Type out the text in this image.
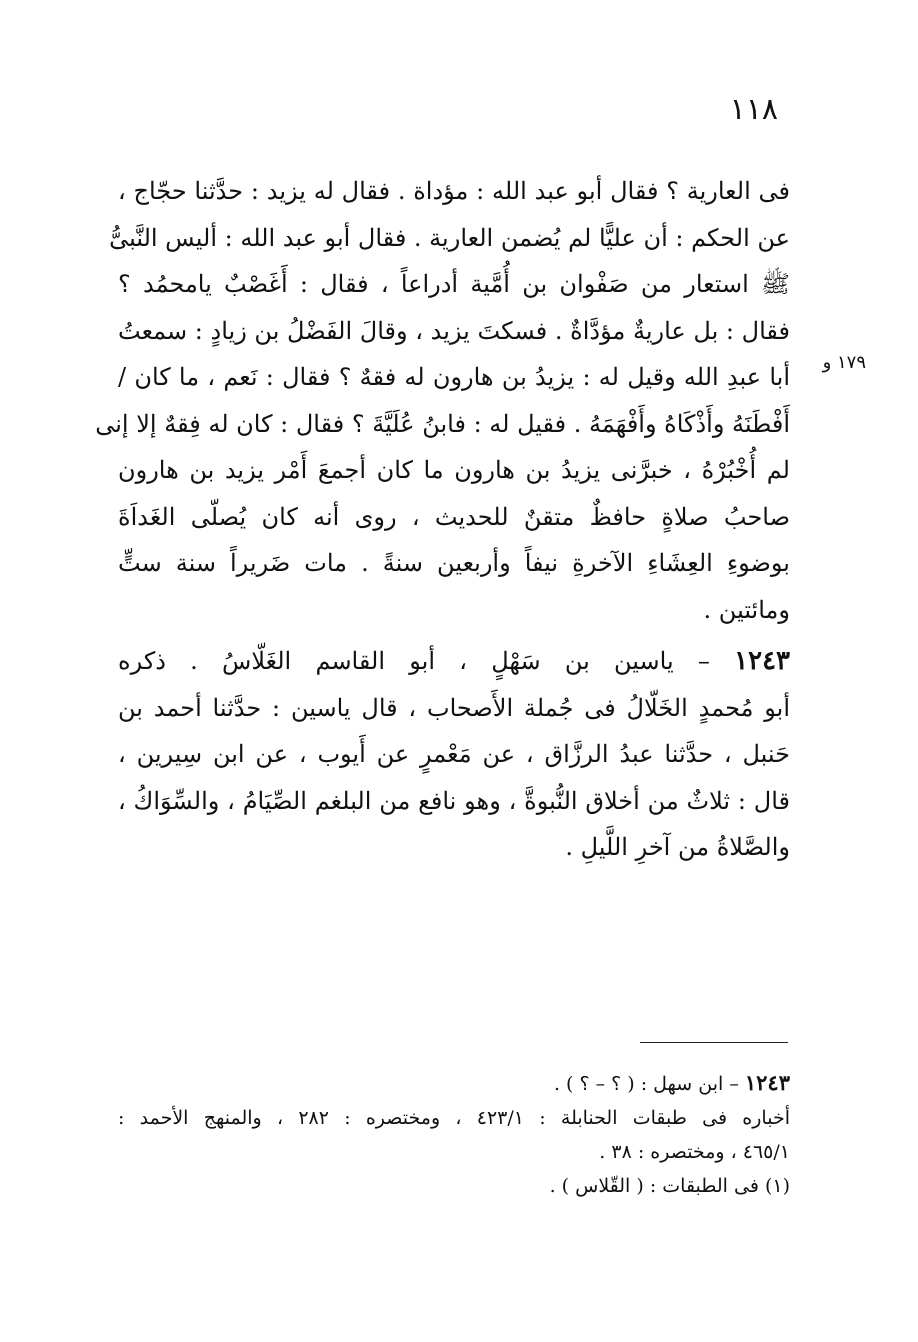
١١٨
١٧٩ و
فى العارية ؟ فقال أبو عبد الله : مؤداة . فقال له يزيد : حدَّثنا حجّاج ،
عن الحكم : أن عليًّا لم يُضمن العارية . فقال أبو عبد الله : أليس النَّبىُّ
ﷺ استعار من صَفْوان بن أُمَّية أدراعاً ، فقال : أَغَصْبٌ يامحمُد ؟
فقال : بل عاريةٌ مؤدَّاةٌ . فسكتَ يزيد ، وقالَ الفَضْلُ بن زيادٍ : سمعتُ
أبا عبدِ الله وقيل له : يزيدُ بن هارون له فقهٌ ؟ فقال : نَعم ، ما كان /
أَفْطَنَهُ وأَذْكَاهُ وأَفْهَمَهُ . فقيل له : فابنُ عُلَيَّةَ ؟ فقال : كان له فِقهٌ إلا إنى
لم أُخْبُرْهُ ، خبرَّنى يزيدُ بن هارون ما كان أجمعَ أَمْر يزيد بن هارون
صاحبُ صلاةٍ حافظٌ متقنٌ للحديث ، روى أنه كان يُصلّى الغَداَةَ
بوضوءِ العِشَاءِ الآخرةِ نيفاً وأربعين سنةً . مات ضَريراً سنة ستٍّ
ومائتين .
١٢٤٣ – ياسين بن سَهْلٍ ، أبو القاسم الغَلّاسُ . ذكره
أبو مُحمدٍ الخَلّالُ فى جُملة الأَصحاب ، قال ياسين : حدَّثنا أحمد بن
حَنبل ، حدَّثنا عبدُ الرزَّاق ، عن مَعْمرٍ عن أَيوب ، عن ابن سِيرين ،
قال : ثلاثٌ من أخلاق النُّبوةَّ ، وهو نافع من البلغم الصِّيَامُ ، والسِّوَاكُ ،
والصَّلاةُ من آخرِ اللَّيلِ .
١٢٤٣ – ابن سهل : ( ؟ – ؟ ) .
أخباره فى طبقات الحنابلة : ٤٢٣/١ ، ومختصره : ٢٨٢ ، والمنهج الأحمد :
٤٦٥/١ ، ومختصره : ٣٨ .
(١) فى الطبقات : ( القّلاس ) .
